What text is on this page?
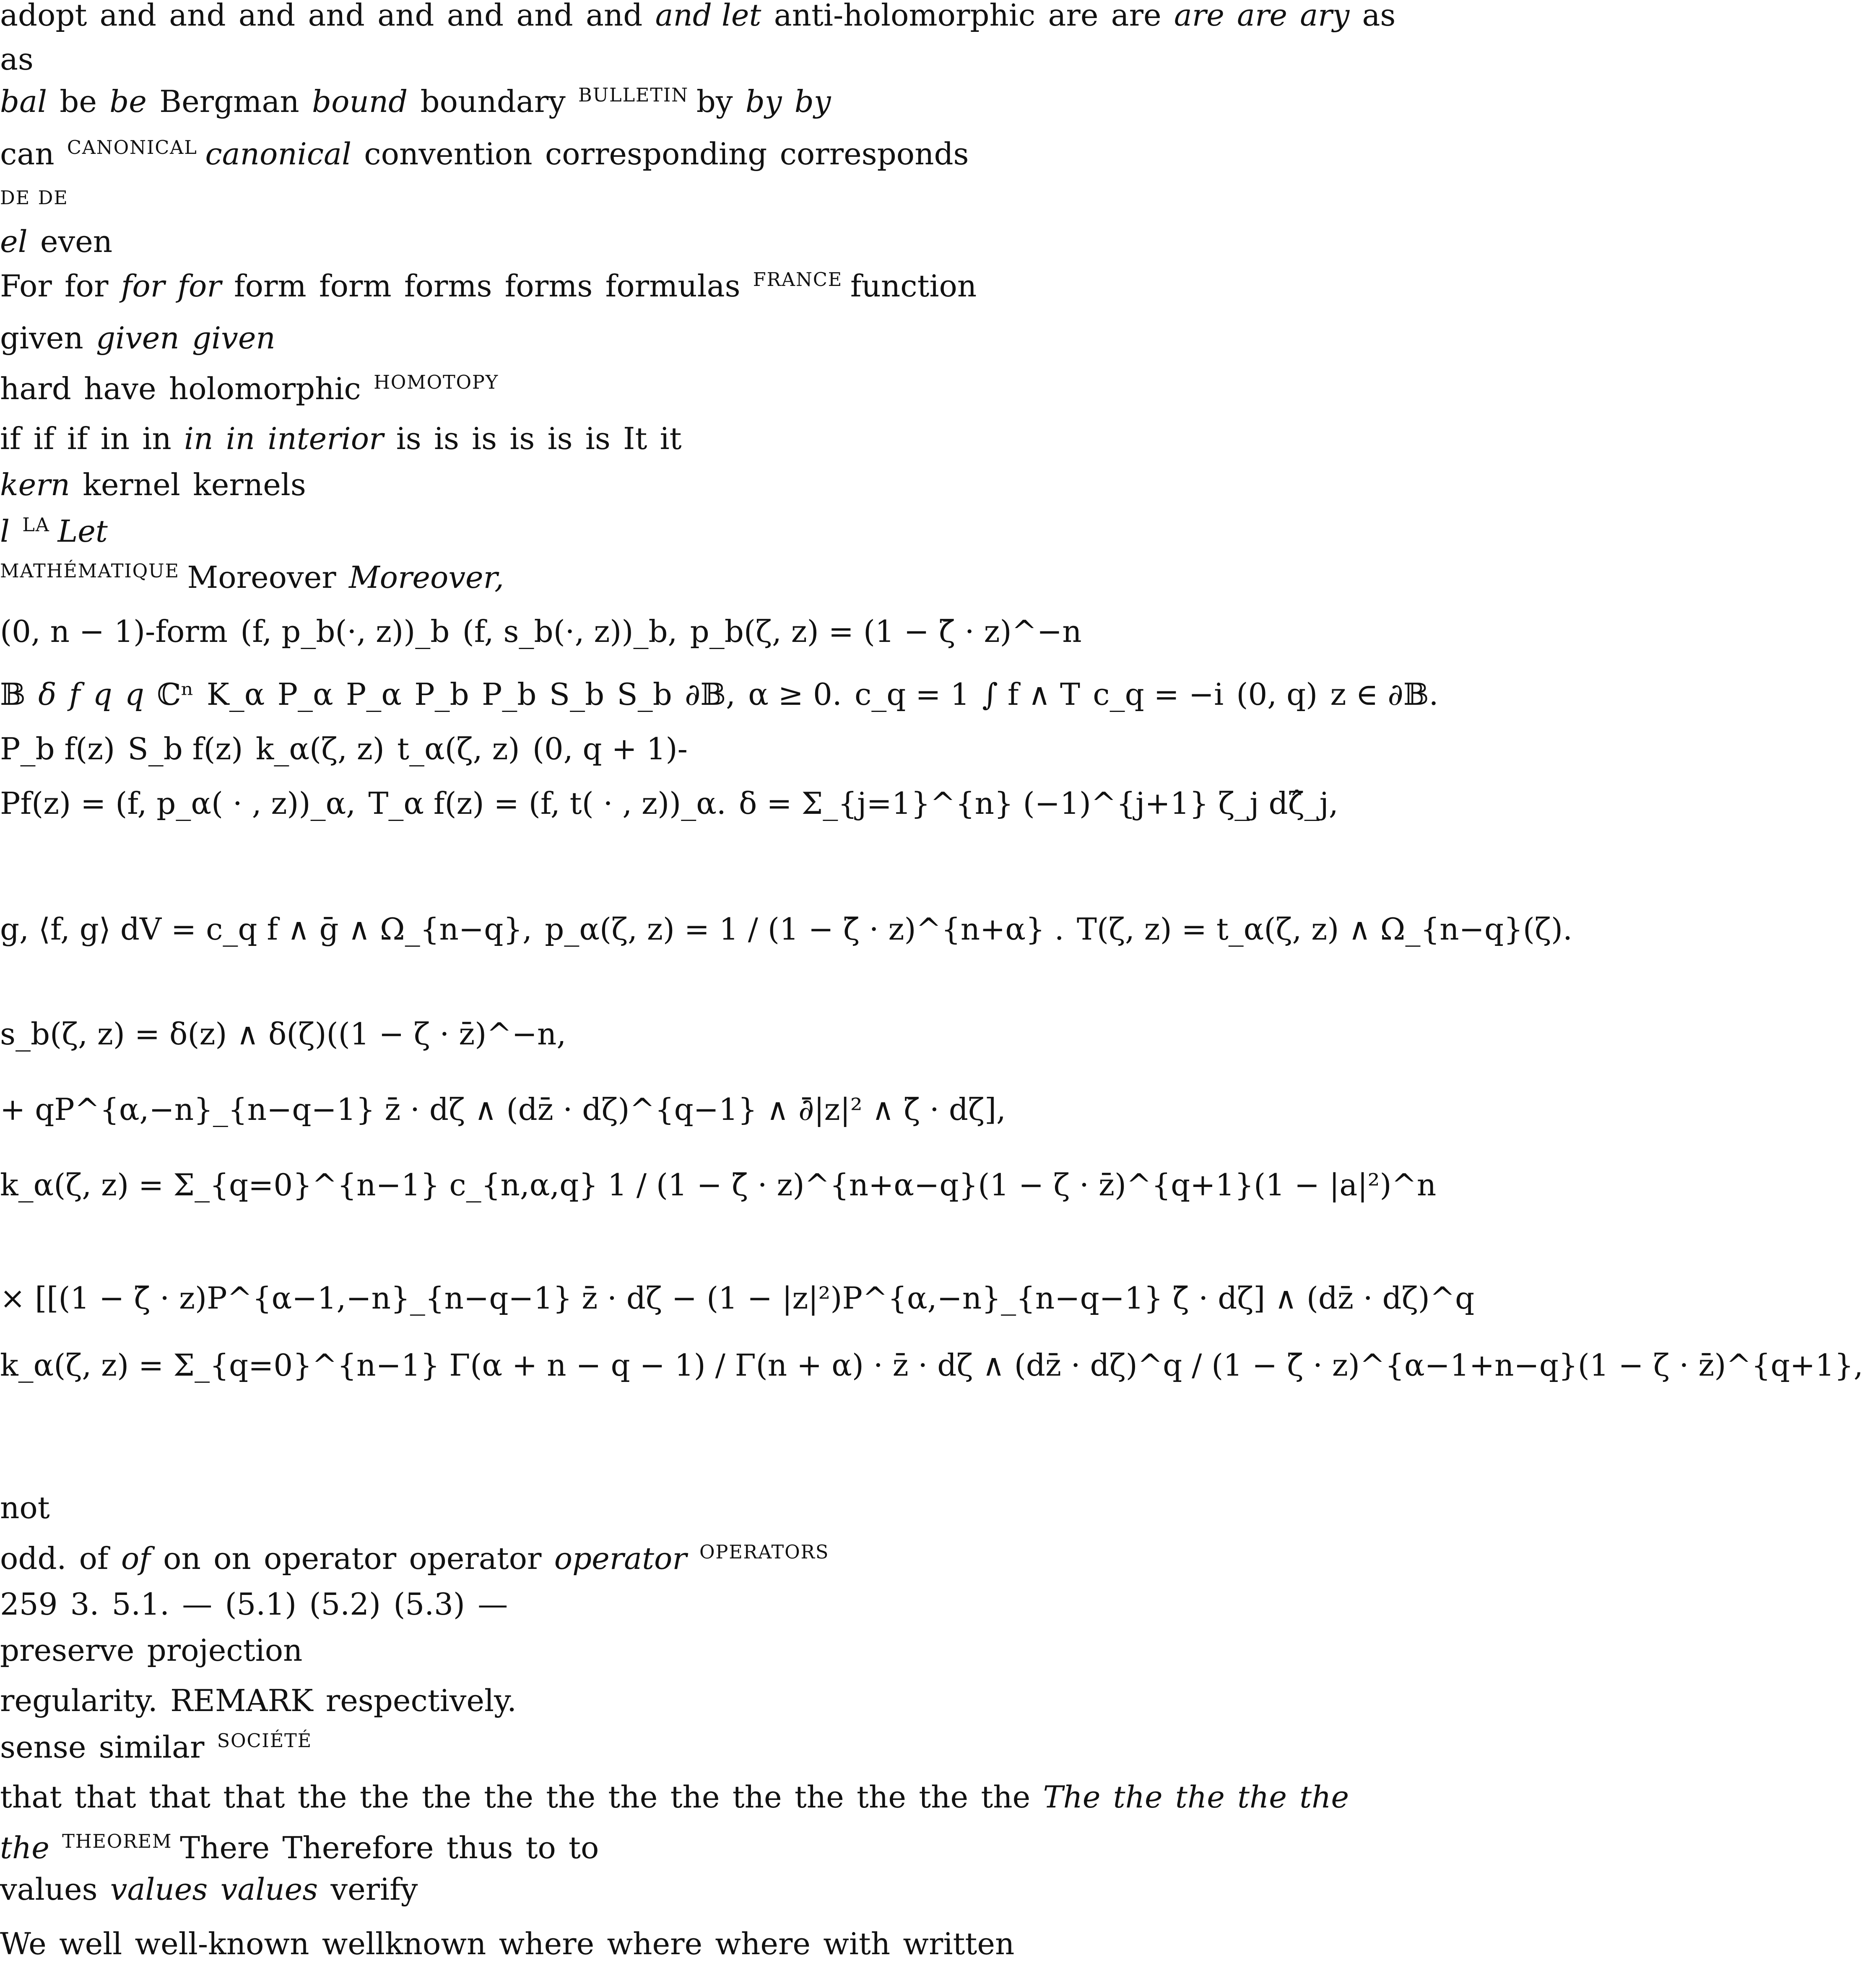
adopt and and and and and and and and and let anti-holomorphic are are are are ary as
as
bal be be Bergman bound boundary BULLETIN by by by
can CANONICAL canonical convention corresponding corresponds
DE DE
el even
For for for for form form forms forms formulas FRANCE function
given given given
hard have holomorphic HOMOTOPY
if if if in in in in interior is is is is is is It it
kern kernel kernels
l LA Let
MATHÉMATIQUE Moreover Moreover,
(0, n − 1)-form (f, p_b(·, z))_b (f, s_b(·, z))_b, p_b(ζ, z) = (1 − ζ̄ · z)^−n
𝔹 δ f q q ℂⁿ K_α P_α P_α P_b P_b S_b S_b ∂𝔹, α ≥ 0. c_q = 1 ∫ f ∧ T c_q = −i (0, q) z ∈ ∂𝔹.
P_b f(z) S_b f(z) k_α(ζ, z) t_α(ζ, z) (0, q + 1)-
Pf(z) = (f, p_α( · , z))_α, T_α f(z) = (f, t( · , z))_α. δ = Σ_{j=1}^{n} (−1)^{j+1} ζ_j dζ̂_j,
g, ⟨f, g⟩ dV = c_q f ∧ ḡ ∧ Ω_{n−q}, p_α(ζ, z) = 1 / (1 − ζ̄ · z)^{n+α} . T(ζ, z) = t_α(ζ, z) ∧ Ω_{n−q}(ζ).
s_b(ζ, z) = δ(z) ∧ δ(ζ)((1 − ζ · z̄)^−n,
+ qP^{α,−n}_{n−q−1} z̄ · dζ ∧ (dz̄ · dζ)^{q−1} ∧ ∂̄|z|² ∧ ζ̄ · dζ],
k_α(ζ, z) = Σ_{q=0}^{n−1} c_{n,α,q} 1 / (1 − ζ̄ · z)^{n+α−q}(1 − ζ · z̄)^{q+1}(1 − |a|²)^n
× [[(1 − ζ̄ · z)P^{α−1,−n}_{n−q−1} z̄ · dζ − (1 − |z|²)P^{α,−n}_{n−q−1} ζ̄ · dζ] ∧ (dz̄ · dζ)^q
k_α(ζ, z) = Σ_{q=0}^{n−1} Γ(α + n − q − 1) / Γ(n + α) · z̄ · dζ ∧ (dz̄ · dζ)^q / (1 − ζ̄ · z)^{α−1+n−q}(1 − ζ · z̄)^{q+1},
not
odd. of of on on operator operator operator OPERATORS
259 3. 5.1. — (5.1) (5.2) (5.3) —
preserve projection
regularity. REMARK respectively.
sense similar SOCIÉTÉ
that that that that the the the the the the the the the the the the The the the the the
the THEOREM There Therefore thus to to
values values values verify
We well well-known wellknown where where where with written
